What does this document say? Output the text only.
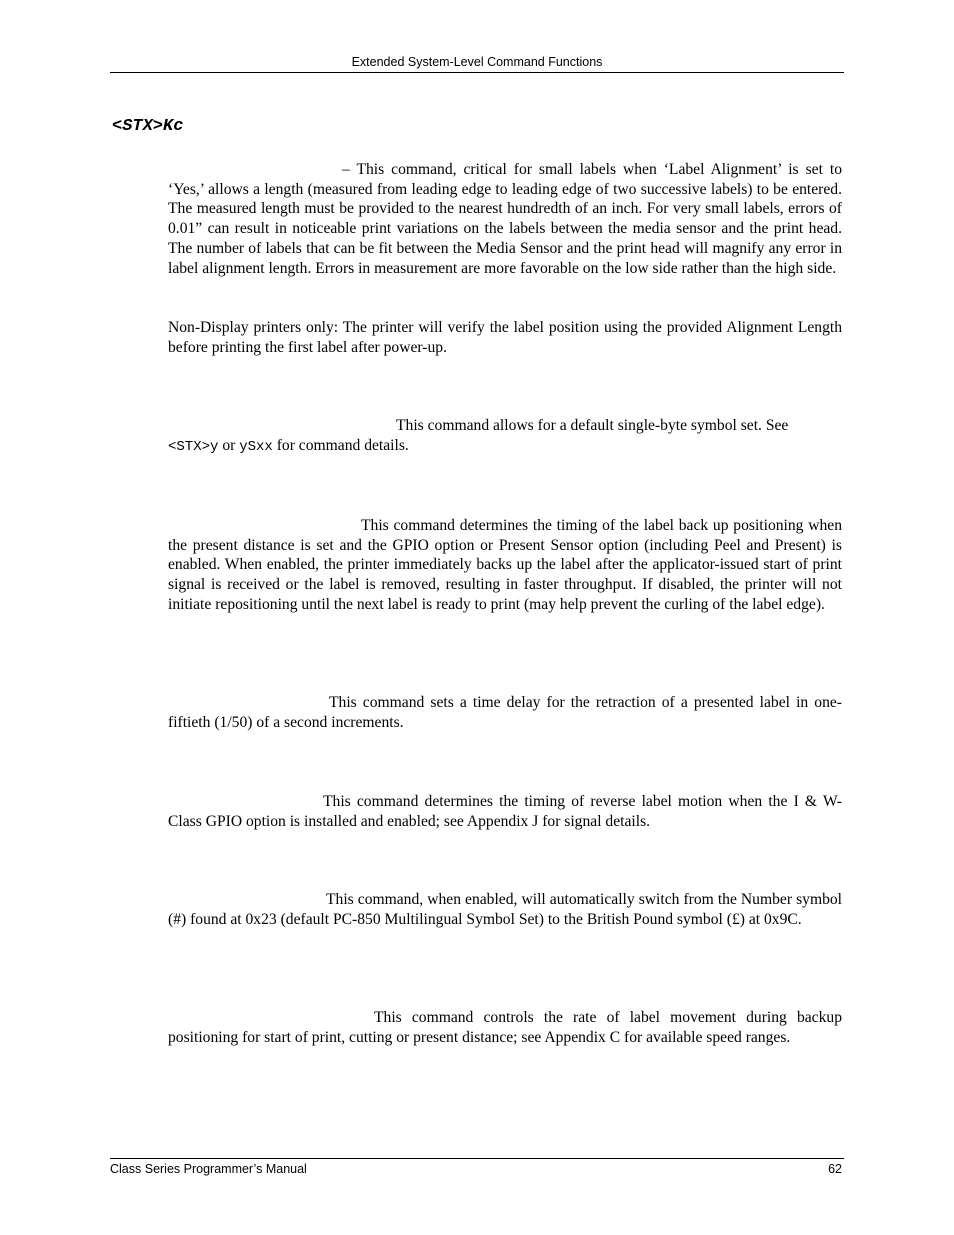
Extended System-Level Command Functions
<STX>Kc

– This command, critical for small labels when ‘Label Alignment’ is set to ‘Yes,’ allows a length (measured from leading edge to leading edge of two successive labels) to be entered. The measured length must be provided to the nearest hundredth of an inch. For very small labels, errors of 0.01” can result in noticeable print variations on the labels between the media sensor and the print head. The number of labels that can be fit between the Media Sensor and the print head will magnify any error in label alignment length. Errors in measurement are more favorable on the low side rather than the high side.

Non-Display printers only: The printer will verify the label position using the provided Alignment Length before printing the first label after power-up.

This command allows for a default single-byte symbol set. See
<STX>y or ySxx for command details.

This command determines the timing of the label back up positioning when the present distance is set and the GPIO option or Present Sensor option (including Peel and Present) is enabled. When enabled, the printer immediately backs up the label after the applicator-issued start of print signal is received or the label is removed, resulting in faster throughput. If disabled, the printer will not initiate repositioning until the next label is ready to print (may help prevent the curling of the label edge).

This command sets a time delay for the retraction of a presented label in one-fiftieth (1/50) of a second increments.

This command determines the timing of reverse label motion when the I & W-Class GPIO option is installed and enabled; see Appendix J for signal details.

This command, when enabled, will automatically switch from the Number symbol (#) found at 0x23 (default PC-850 Multilingual Symbol Set) to the British Pound symbol (£) at 0x9C.

This command controls the rate of label movement during backup positioning for start of print, cutting or present distance; see Appendix C for available speed ranges.

Class Series Programmer’s Manual	62
